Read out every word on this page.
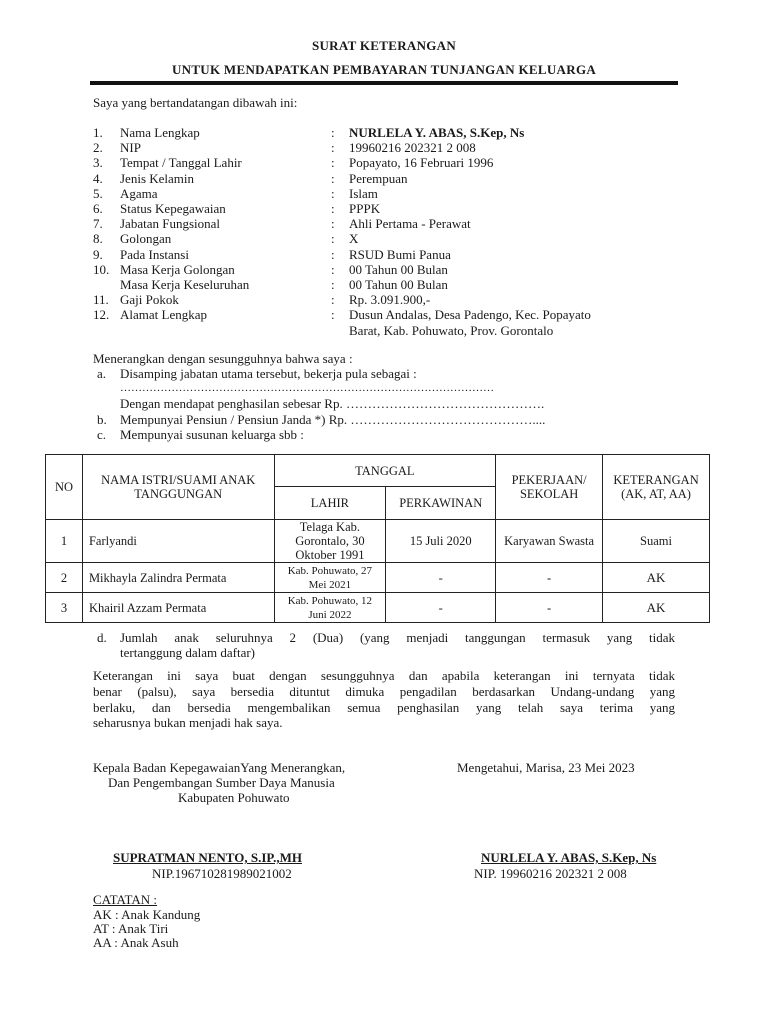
SURAT KETERANGAN
UNTUK MENDAPATKAN PEMBAYARAN TUNJANGAN KELUARGA
Saya yang bertandatangan dibawah ini:
1. Nama Lengkap	: NURLELA Y. ABAS, S.Kep, Ns
2. NIP	: 19960216 202321 2 008
3. Tempat / Tanggal Lahir	: Popayato, 16 Februari 1996
4. Jenis Kelamin	: Perempuan
5. Agama	: Islam
6. Status Kepegawaian	: PPPK
7. Jabatan Fungsional	: Ahli Pertama - Perawat
8. Golongan	: X
9. Pada Instansi	: RSUD Bumi Panua
10. Masa Kerja Golongan	: 00 Tahun 00 Bulan
Masa Kerja Keseluruhan	: 00 Tahun 00 Bulan
11. Gaji Pokok	: Rp. 3.091.900,-
12. Alamat Lengkap	: Dusun Andalas, Desa Padengo, Kec. Popayato
Barat, Kab. Pohuwato, Prov. Gorontalo
Menerangkan dengan sesungguhnya bahwa saya :
a. Disamping jabatan utama tersebut, bekerja pula sebagai :
…………………………………………………………………………………………
Dengan mendapat penghasilan sebesar Rp. ……………………………………….
b. Mempunyai Pensiun / Pensiun Janda *) Rp. ……………………………………....
c. Mempunyai susunan keluarga sbb :
NO	NAMA ISTRI/SUAMI ANAK TANGGUNGAN	TANGGAL		PEKERJAAN/ SEKOLAH	KETERANGAN (AK, AT, AA)
		LAHIR	PERKAWINAN		
1	Farlyandi	Telaga Kab. Gorontalo, 30 Oktober 1991	15 Juli 2020	Karyawan Swasta	Suami
2	Mikhayla Zalindra Permata	Kab. Pohuwato, 27 Mei 2021	-	-	AK
3	Khairil Azzam Permata	Kab. Pohuwato, 12 Juni 2022	-	-	AK
d. Jumlah anak seluruhnya 2 (Dua) (yang menjadi tanggungan termasuk yang tidak
tertanggung dalam daftar)
Keterangan ini saya buat dengan sesungguhnya dan apabila keterangan ini ternyata tidak
benar (palsu), saya bersedia dituntut dimuka pengadilan berdasarkan Undang-undang yang
berlaku, dan bersedia mengembalikan semua penghasilan yang telah saya terima yang
seharusnya bukan menjadi hak saya.
Kepala Badan KepegawaianYang Menerangkan,
Dan Pengembangan Sumber Daya Manusia
Kabupaten Pohuwato
Mengetahui, Marisa, 23 Mei 2023
SUPRATMAN NENTO, S.IP.,MH
NIP.196710281989021002
NURLELA Y. ABAS, S.Kep, Ns
NIP. 19960216 202321 2 008
CATATAN :
AK : Anak Kandung
AT : Anak Tiri
AA : Anak Asuh
